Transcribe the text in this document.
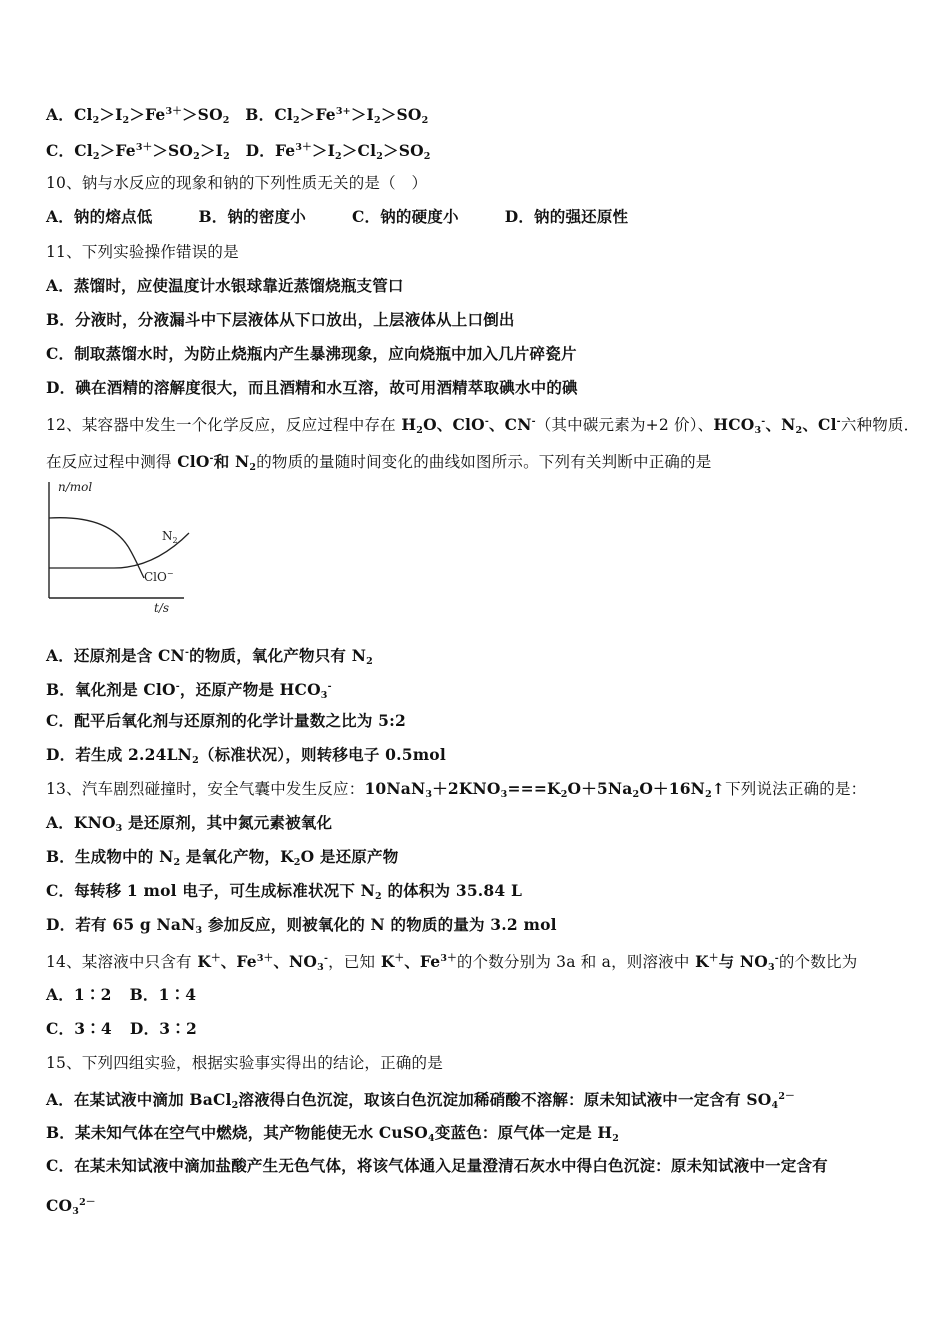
A．$Cl_2>I_2>Fe^{3+}>SO_2$　 B．$Cl_2>Fe^{3+}>I_2>SO_2$
C．$Cl_2>Fe^{3+}>SO_2>I_2$　 D．$Fe^{3+}>I_2>Cl_2>SO_2$
10、钠与水反应的现象和钠的下列性质无关的是（　）
A．钠的熔点低	B．钠的密度小	C．钠的硬度小	D．钠的强还原性
11、下列实验操作错误的是
A．蒸馏时，应使温度计水银球靠近蒸馏烧瓶支管口
B．分液时，分液漏斗中下层液体从下口放出，上层液体从上口倒出
C．制取蒸馏水时，为防止烧瓶内产生暴沸现象，应向烧瓶中加入几片碎瓷片
D．碘在酒精的溶解度很大，而且酒精和水互溶，故可用酒精萃取碘水中的碘
12、某容器中发生一个化学反应，反应过程中存在 $H_2O$、ClO-、CN-（其中碳元素为+2 价）、$HCO_3^-$、$N_2$、Cl-六种物质．
在反应过程中测得 ClO-和 $N_2$的物质的量随时间变化的曲线如图所示。下列有关判断中正确的是
n/mol
t/s
$N_2$
ClO−
A．还原剂是含 CN-的物质，氧化产物只有 $N_2$
B．氧化剂是 ClO-，还原产物是 $HCO_3^-$
C．配平后氧化剂与还原剂的化学计量数之比为 5:2
D．若生成 $2.24LN_2$（标准状况），则转移电子 0.5mol
13、汽车剧烈碰撞时，安全气囊中发生反应：$10NaN_3+2KNO_3===K_2O+5Na_2O+16N_2↑$下列说法正确的是：
A．$KNO_3$ 是还原剂，其中氮元素被氧化
B．生成物中的 $N_2$ 是氧化产物，$K_2O$ 是还原产物
C．每转移 1 mol 电子，可生成标准状况下 $N_2$ 的体积为 35.84 L
D．若有 65 g NaN$_3$ 参加反应，则被氧化的 N 的物质的量为 3.2 mol
14、某溶液中只含有 K＋、$Fe^{3+}$、$NO_3^-$，已知 K＋、$Fe^{3+}$的个数分别为 3a 和 a，则溶液中 K＋与 $NO_3^-$的个数比为
A．1∶2 B．1∶4
C．3∶4 D．3∶2
15、下列四组实验，根据实验事实得出的结论，正确的是
A．在某试液中滴加 BaCl$_2$溶液得白色沉淀，取该白色沉淀加稀硝酸不溶解：原未知试液中一定含有 $SO_4^{2-}$
B．某未知气体在空气中燃烧，其产物能使无水 CuSO$_4$变蓝色：原气体一定是 $H_2$
C．在某未知试液中滴加盐酸产生无色气体，将该气体通入足量澄清石灰水中得白色沉淀：原未知试液中一定含有
$CO_3^{2-}$
